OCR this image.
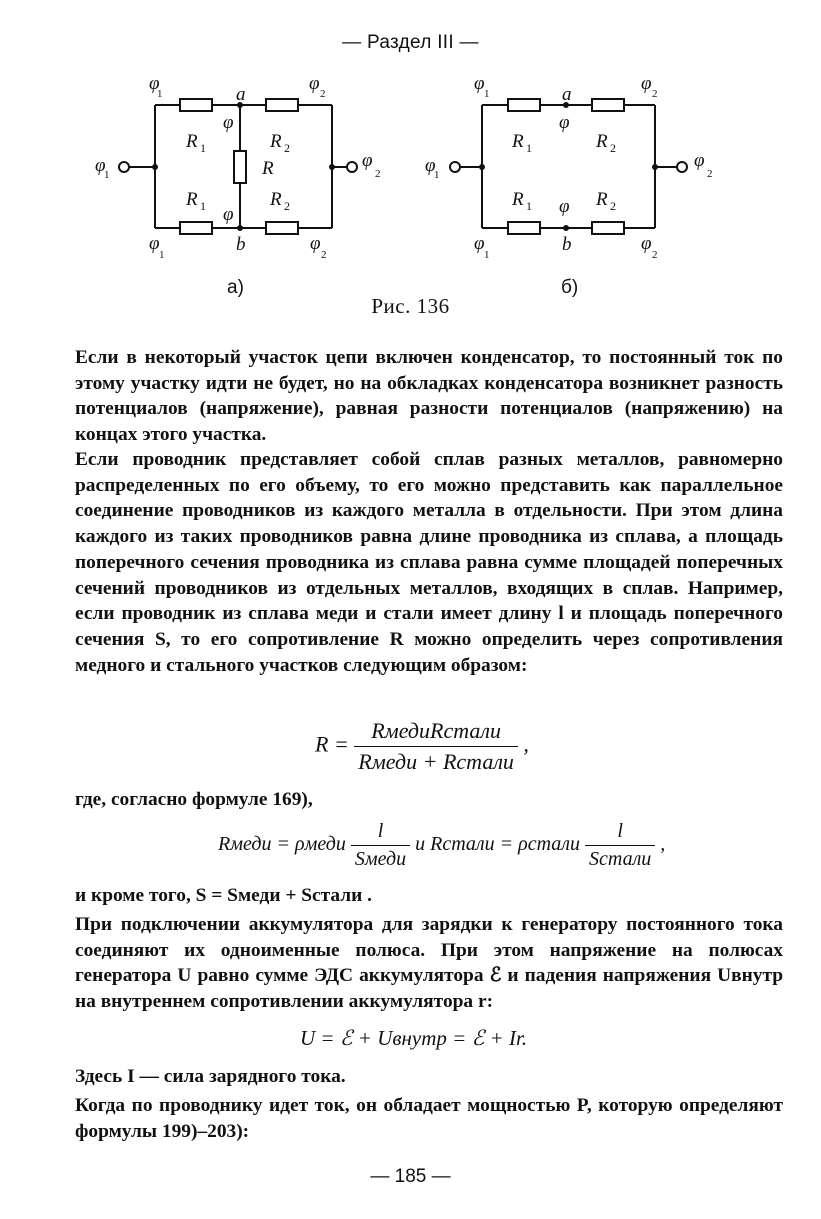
— Раздел III —
φ
1	φ 2
φ
1
φ
2
φ
1
φ
2
a
b
φ
φ
R 1	R 2
R 1	R 2
R
φ 1	φ 2
φ
1
φ
2
φ
1
φ
2
a
b
φ
φ
R 1	R 2
R 1	R 2
а)	б)
Рис. 136

Если в некоторый участок цепи включен конденсатор, то постоянный ток по этому участку идти не будет, но на обкладках конденсатора возникнет разность потенциалов (напряжение), равная разности потенциалов (напряжению) на концах этого участка.

Если проводник представляет собой сплав разных металлов, равномерно распределенных по его объему, то его можно представить как параллельное соединение проводников из каждого металла в отдельности. При этом длина каждого из таких проводников равна длине проводника из сплава, а площадь поперечного сечения проводника из сплава равна сумме площадей поперечных сечений проводников из отдельных металлов, входящих в сплав. Например, если проводник из сплава меди и стали имеет длину l и площадь поперечного сечения S, то его сопротивление R можно определить через сопротивления медного и стального участков следующим образом:

$R = \frac{\text{RмедиRстали}}{\text{Rмеди + Rстали}}$ ,
где, согласно формуле 169),
Rмеди = ρмеди $\frac{l}{\text{Sмеди}}$ и Rстали = ρстали $\frac{l}{\text{Sстали}}$ ,
и кроме того, S = Sмеди + Sстали .

При подключении аккумулятора для зарядки к генератору постоянного тока соединяют их одноименные полюса. При этом напряжение на полюсах генератора U равно сумме ЭДС аккумулятора ℰ и падения напряжения Uвнутр на внутреннем сопротивлении аккумулятора r:

U = ℰ + Uвнутр = ℰ + Ir.
Здесь I — сила зарядного тока.

Когда по проводнику идет ток, он обладает мощностью P, которую определяют формулы 199)–203):

— 185 —
